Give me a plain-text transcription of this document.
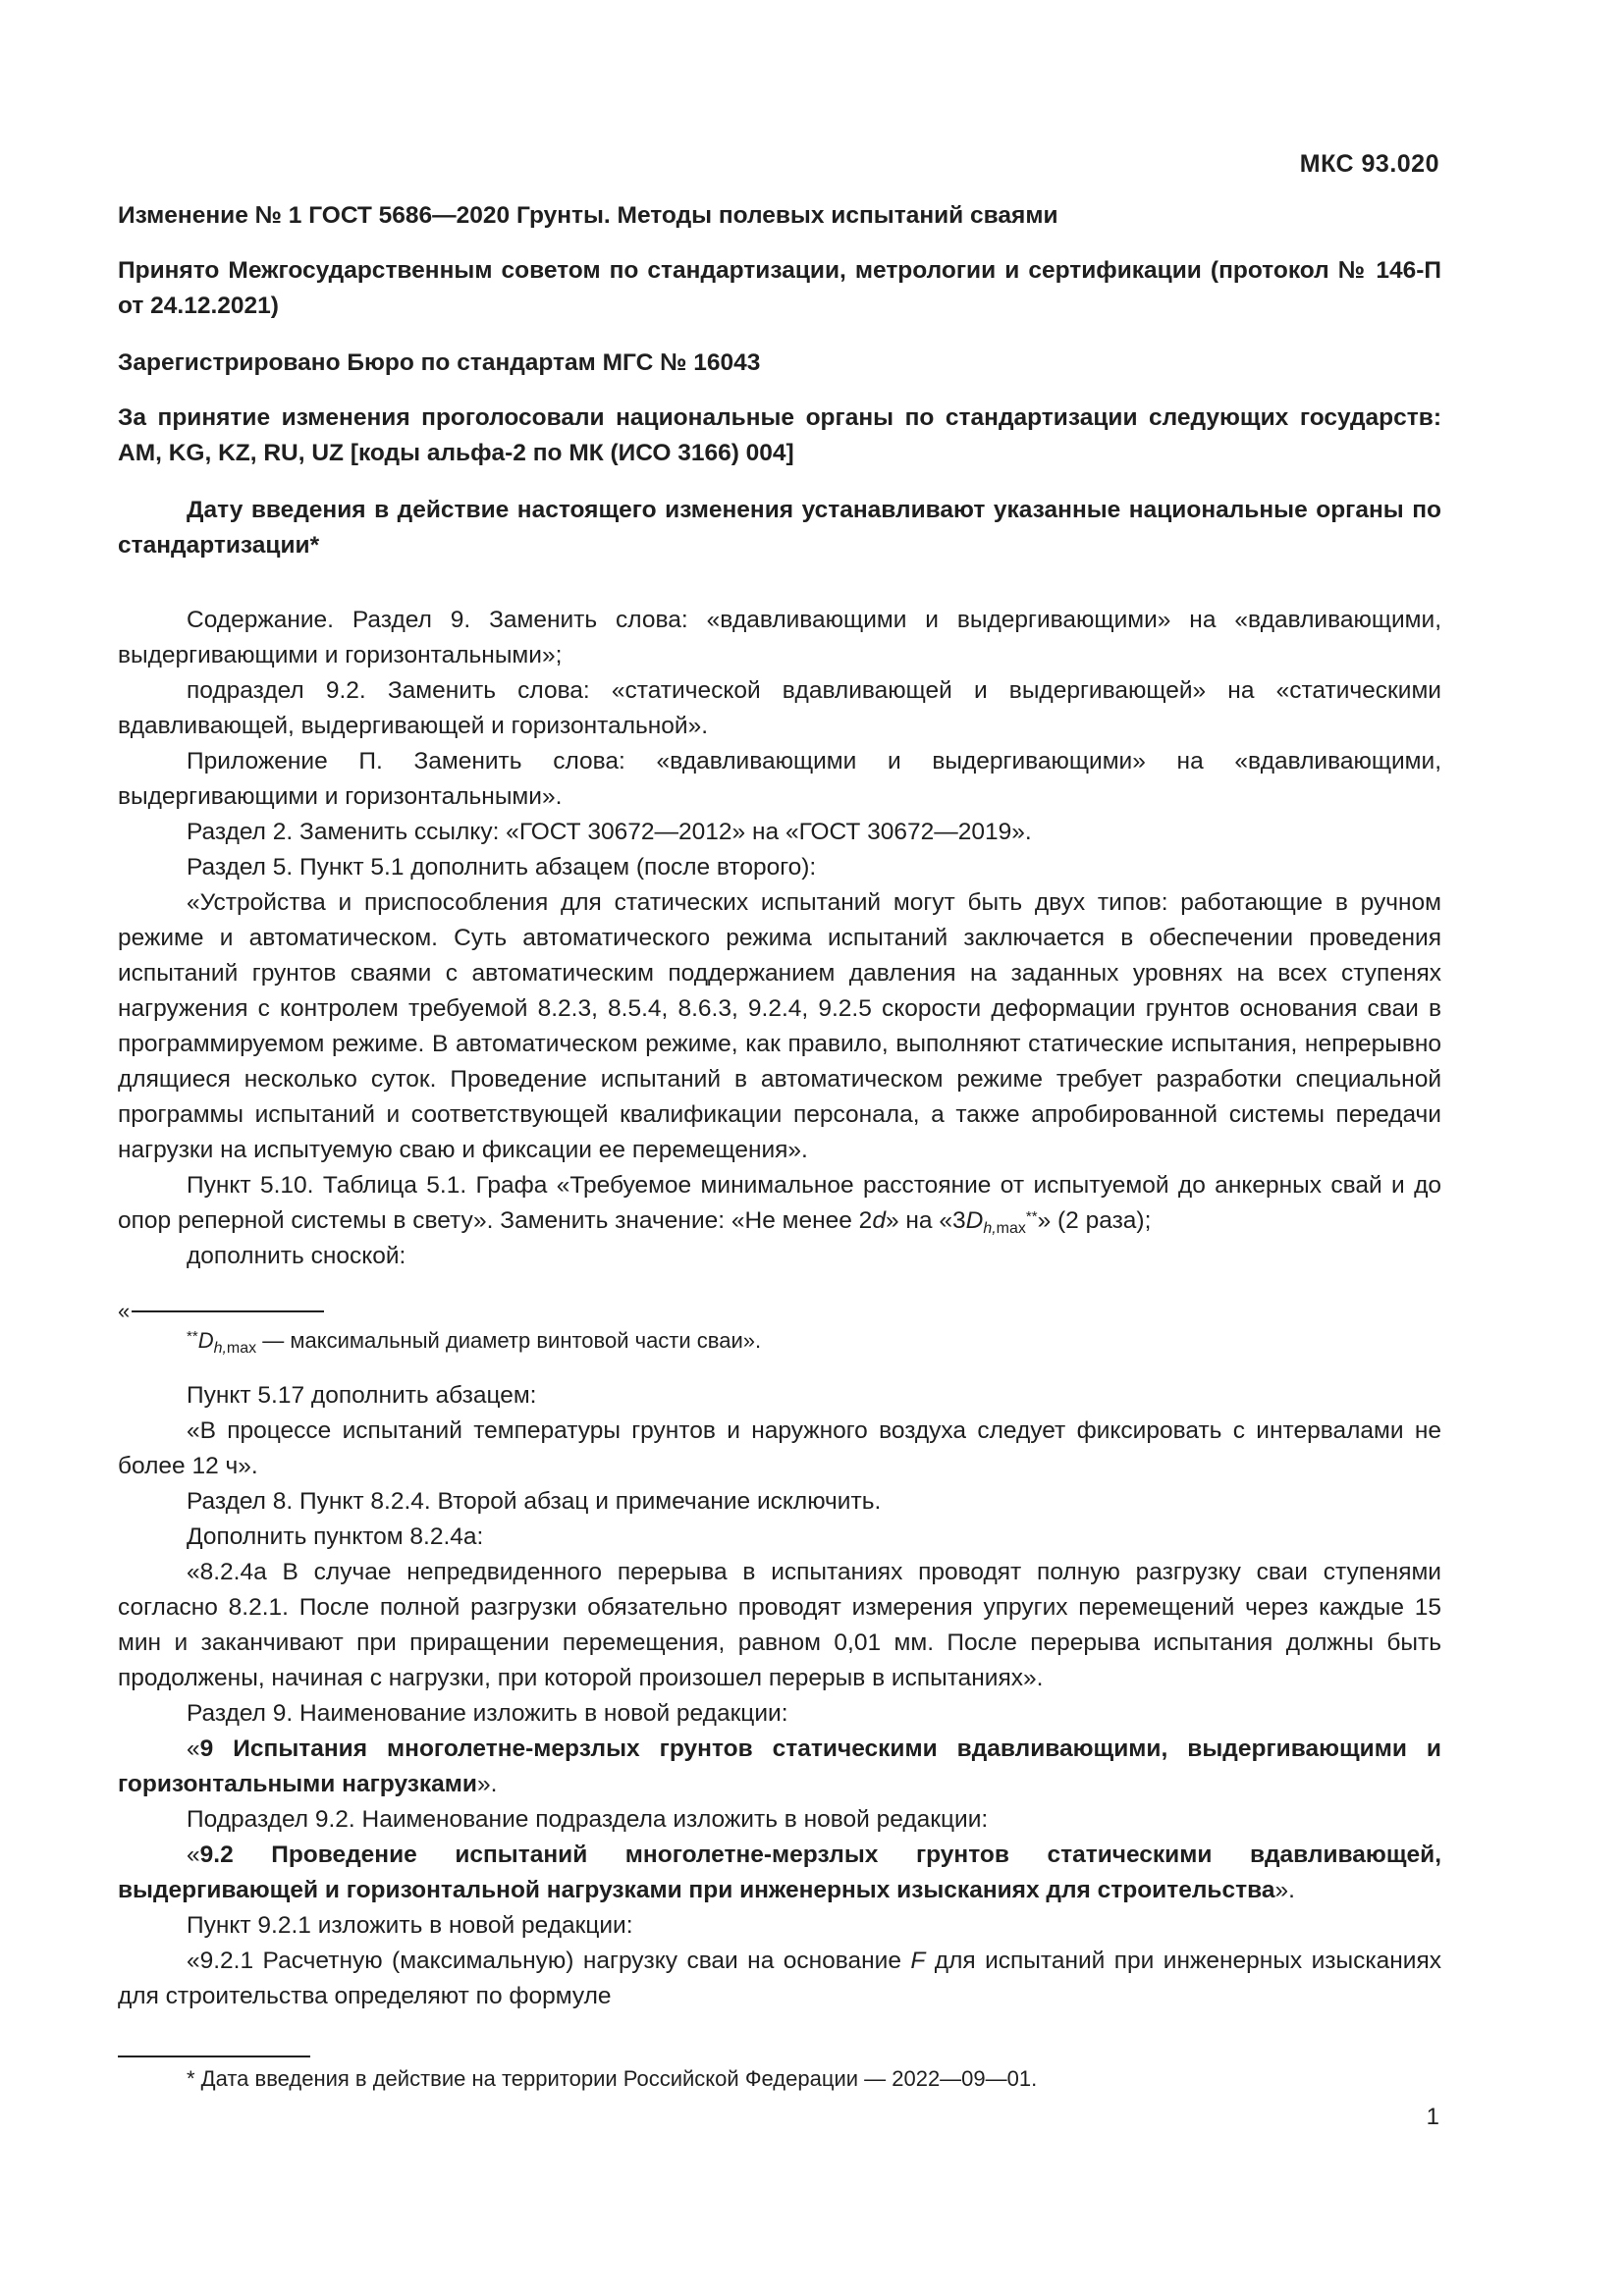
МКС 93.020

Изменение № 1 ГОСТ 5686—2020 Грунты. Методы полевых испытаний сваями

Принято Межгосударственным советом по стандартизации, метрологии и сертификации (протокол № 146-П от 24.12.2021)

Зарегистрировано Бюро по стандартам МГС № 16043

За принятие изменения проголосовали национальные органы по стандартизации следующих государств: AM, KG, KZ, RU, UZ [коды альфа-2 по МК (ИСО 3166) 004]

Дату введения в действие настоящего изменения устанавливают указанные национальные органы по стандартизации*

Содержание. Раздел 9. Заменить слова: «вдавливающими и выдергивающими» на «вдавливающими, выдергивающими и горизонтальными»;

подраздел 9.2. Заменить слова: «статической вдавливающей и выдергивающей» на «статическими вдавливающей, выдергивающей и горизонтальной».

Приложение П. Заменить слова: «вдавливающими и выдергивающими» на «вдавливающими, выдергивающими и горизонтальными».

Раздел 2. Заменить ссылку: «ГОСТ 30672—2012» на «ГОСТ 30672—2019».

Раздел 5. Пункт 5.1 дополнить абзацем (после второго):

«Устройства и приспособления для статических испытаний могут быть двух типов: работающие в ручном режиме и автоматическом. Суть автоматического режима испытаний заключается в обеспечении проведения испытаний грунтов сваями с автоматическим поддержанием давления на заданных уровнях на всех ступенях нагружения с контролем требуемой 8.2.3, 8.5.4, 8.6.3, 9.2.4, 9.2.5 скорости деформации грунтов основания сваи в программируемом режиме. В автоматическом режиме, как правило, выполняют статические испытания, непрерывно длящиеся несколько суток. Проведение испытаний в автоматическом режиме требует разработки специальной программы испытаний и соответствующей квалификации персонала, а также апробированной системы передачи нагрузки на испытуемую сваю и фиксации ее перемещения».

Пункт 5.10. Таблица 5.1. Графа «Требуемое минимальное расстояние от испытуемой до анкерных свай и до опор реперной системы в свету». Заменить значение: «Не менее 2d» на «$3D_{h,max}^{**}$» (2 раза);

дополнить сноской:

«

$^{**}D_{h,max}$ — максимальный диаметр винтовой части сваи».

Пункт 5.17 дополнить абзацем:

«В процессе испытаний температуры грунтов и наружного воздуха следует фиксировать с интервалами не более 12 ч».

Раздел 8. Пункт 8.2.4. Второй абзац и примечание исключить.

Дополнить пунктом 8.2.4а:

«8.2.4а В случае непредвиденного перерыва в испытаниях проводят полную разгрузку сваи ступенями согласно 8.2.1. После полной разгрузки обязательно проводят измерения упругих перемещений через каждые 15 мин и заканчивают при приращении перемещения, равном 0,01 мм. После перерыва испытания должны быть продолжены, начиная с нагрузки, при которой произошел перерыв в испытаниях».

Раздел 9. Наименование изложить в новой редакции:

«9 Испытания многолетне-мерзлых грунтов статическими вдавливающими, выдергивающими и горизонтальными нагрузками».

Подраздел 9.2. Наименование подраздела изложить в новой редакции:

«9.2 Проведение испытаний многолетне-мерзлых грунтов статическими вдавливающей, выдергивающей и горизонтальной нагрузками при инженерных изысканиях для строительства».

Пункт 9.2.1 изложить в новой редакции:

«9.2.1 Расчетную (максимальную) нагрузку сваи на основание F для испытаний при инженерных изысканиях для строительства определяют по формуле

* Дата введения в действие на территории Российской Федерации — 2022—09—01.

1
